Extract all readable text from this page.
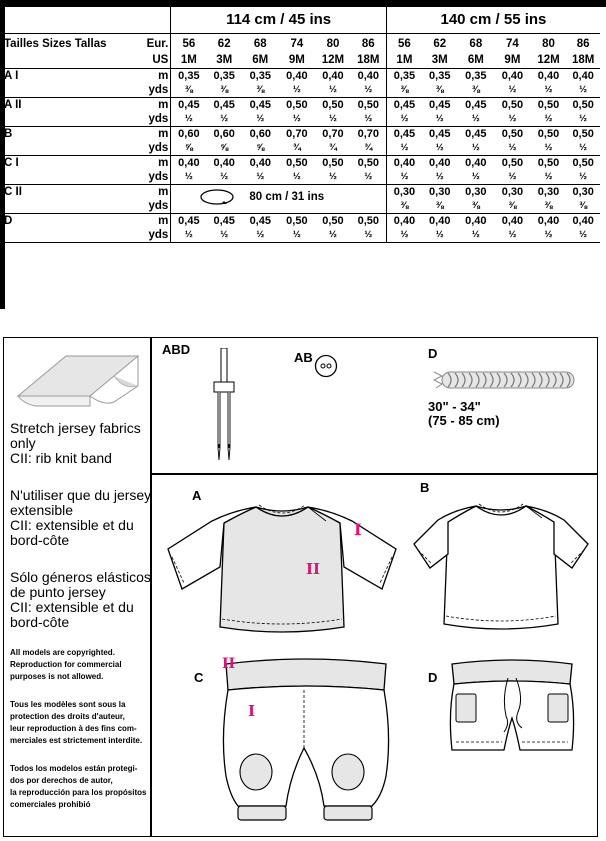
		114 cm / 45 ins						140 cm / 55 ins					
Tailles Sizes Tallas	Eur.	56	62	68	74	80	86	56	62	68	74	80	86
	US	1M	3M	6M	9M	12M	18M	1M	3M	6M	9M	12M	18M
A I	m	0,35	0,35	0,35	0,40	0,40	0,40	0,35	0,35	0,35	0,40	0,40	0,40
	yds	⅜	⅜	⅜	½	½	½	⅜	⅜	⅜	½	½	½
A II	m	0,45	0,45	0,45	0,50	0,50	0,50	0,45	0,45	0,45	0,50	0,50	0,50
	yds	½	½	½	½	½	½	½	½	½	½	½	½
B	m	0,60	0,60	0,60	0,70	0,70	0,70	0,45	0,45	0,45	0,50	0,50	0,50
	yds	⅝	⅝	⅝	¾	¾	¾	½	½	½	½	½	½
C I	m	0,40	0,40	0,40	0,50	0,50	0,50	0,40	0,40	0,40	0,50	0,50	0,50
	yds	½	½	½	½	½	½	½	½	½	½	½	½
C II	m	80 cm / 31 ins						0,30	0,30	0,30	0,30	0,30	0,30
	yds							⅜	⅜	⅜	⅜	⅜	⅜
D	m	0,45	0,45	0,45	0,50	0,50	0,50	0,40	0,40	0,40	0,40	0,40	0,40
	yds	½	½	½	½	½	½	½	½	½	½	½	½
Stretch jersey fabrics
only
CII: rib knit band
N'utiliser que du jersey
extensible
CII: extensible et du
bord-côte
Sólo géneros elásticos
de punto jersey
CII: extensible et du
bord-côte
All models are copyrighted.
Reproduction for commercial
purposes is not allowed.
Tous les modèles sont sous la
protection des droits d'auteur,
leur reproduction à des fins com-
merciales est strictement interdite.
Todos los modelos están protegi-
dos por derechos de autor,
la reproducción para los propósitos
comerciales prohibió
ABD
AB	D
30" - 34"
(75 - 85 cm)
A
I
II
B
C
II
I
D
